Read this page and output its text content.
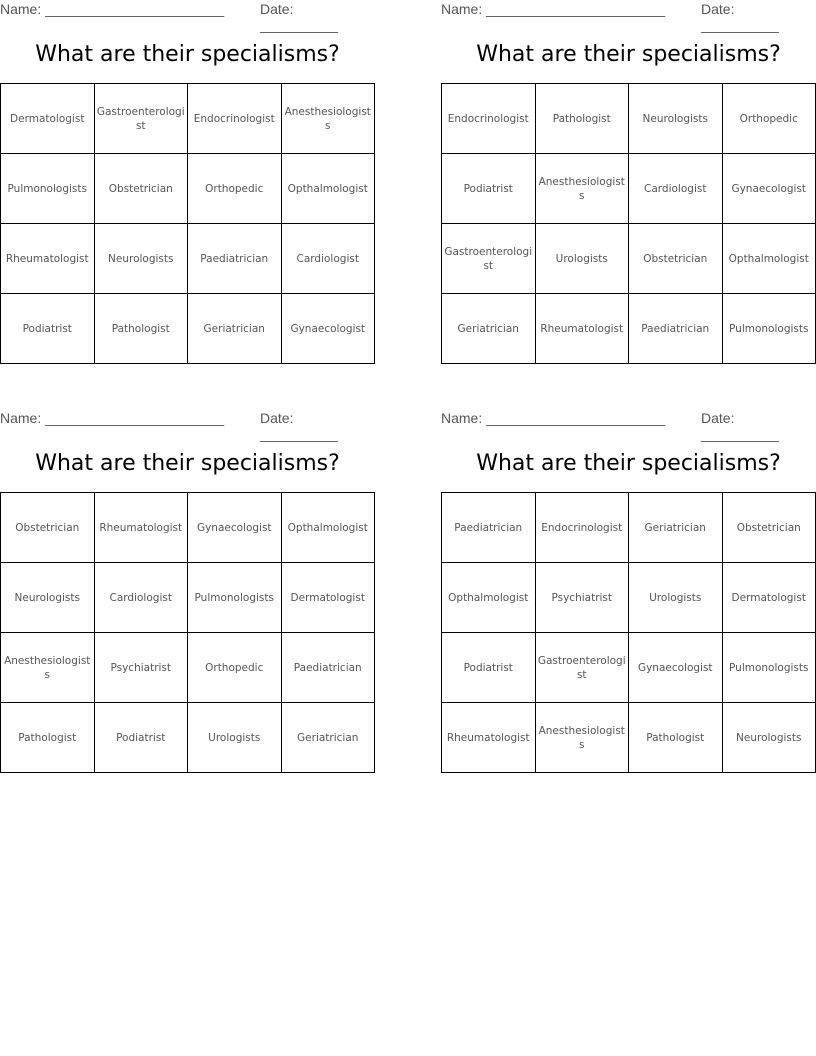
Name: _______________________	Date: __________
What are their specialisms?
Dermatologist	Gastroenterologist	Endocrinologist	Anesthesiologists
Pulmonologists	Obstetrician	Orthopedic	Opthalmologist
Rheumatologist	Neurologists	Paediatrician	Cardiologist
Podiatrist	Pathologist	Geriatrician	Gynaecologist
Name: _______________________	Date: __________
What are their specialisms?
Endocrinologist	Pathologist	Neurologists	Orthopedic
Podiatrist	Anesthesiologists	Cardiologist	Gynaecologist
Gastroenterologist	Urologists	Obstetrician	Opthalmologist
Geriatrician	Rheumatologist	Paediatrician	Pulmonologists
Name: _______________________	Date: __________
What are their specialisms?
Obstetrician	Rheumatologist	Gynaecologist	Opthalmologist
Neurologists	Cardiologist	Pulmonologists	Dermatologist
Anesthesiologists	Psychiatrist	Orthopedic	Paediatrician
Pathologist	Podiatrist	Urologists	Geriatrician
Name: _______________________	Date: __________
What are their specialisms?
Paediatrician	Endocrinologist	Geriatrician	Obstetrician
Opthalmologist	Psychiatrist	Urologists	Dermatologist
Podiatrist	Gastroenterologist	Gynaecologist	Pulmonologists
Rheumatologist	Anesthesiologists	Pathologist	Neurologists
